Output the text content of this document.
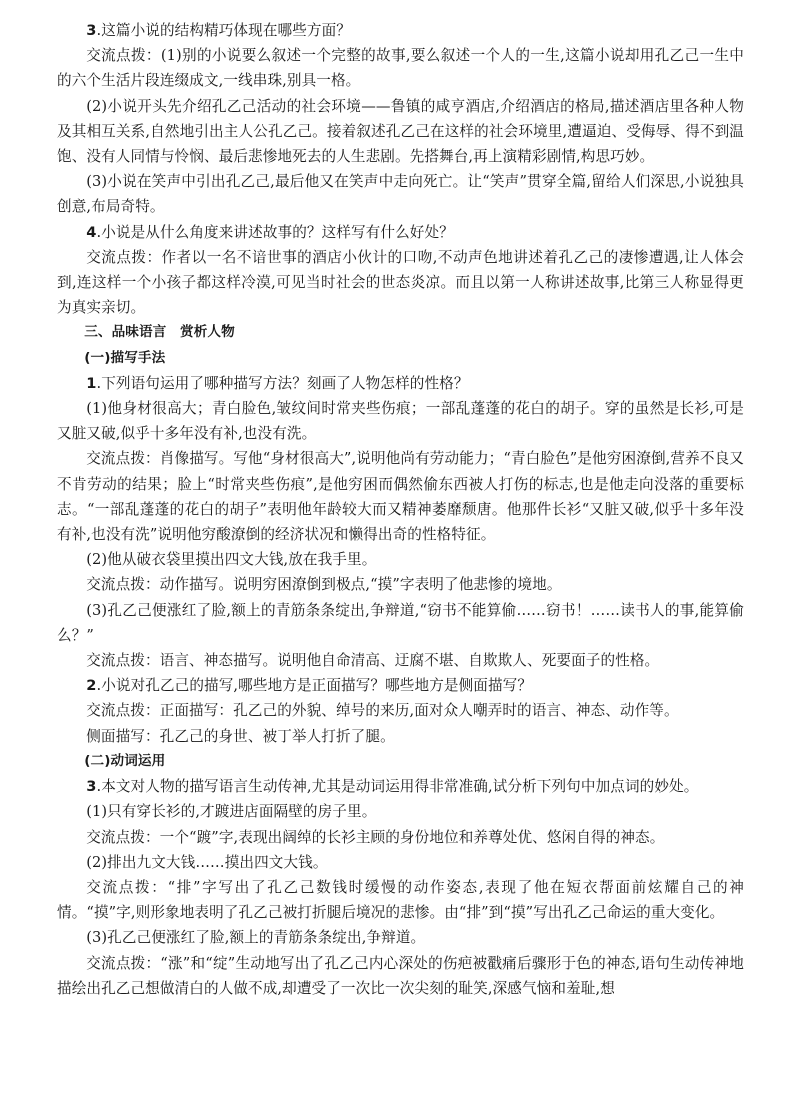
3.这篇小说的结构精巧体现在哪些方面？

交流点拨：(1)别的小说要么叙述一个完整的故事,要么叙述一个人的一生,这篇小说却用孔乙己一生中的六个生活片段连缀成文,一线串珠,别具一格。

(2)小说开头先介绍孔乙己活动的社会环境——鲁镇的咸亨酒店,介绍酒店的格局,描述酒店里各种人物及其相互关系,自然地引出主人公孔乙己。接着叙述孔乙己在这样的社会环境里,遭逼迫、受侮辱、得不到温饱、没有人同情与怜悯、最后悲惨地死去的人生悲剧。先搭舞台,再上演精彩剧情,构思巧妙。

(3)小说在笑声中引出孔乙己,最后他又在笑声中走向死亡。让“笑声”贯穿全篇,留给人们深思,小说独具创意,布局奇特。

4.小说是从什么角度来讲述故事的？这样写有什么好处？

交流点拨：作者以一名不谙世事的酒店小伙计的口吻,不动声色地讲述着孔乙己的凄惨遭遇,让人体会到,连这样一个小孩子都这样冷漠,可见当时社会的世态炎凉。而且以第一人称讲述故事,比第三人称显得更为真实亲切。

三、品味语言　赏析人物

(一)描写手法

1.下列语句运用了哪种描写方法？刻画了人物怎样的性格？

(1)他身材很高大；青白脸色,皱纹间时常夹些伤痕；一部乱蓬蓬的花白的胡子。穿的虽然是长衫,可是又脏又破,似乎十多年没有补,也没有洗。

交流点拨：肖像描写。写他“身材很高大”,说明他尚有劳动能力；“青白脸色”是他穷困潦倒,营养不良又不肯劳动的结果；脸上“时常夹些伤痕”,是他穷困而偶然偷东西被人打伤的标志,也是他走向没落的重要标志。“一部乱蓬蓬的花白的胡子”表明他年龄较大而又精神萎靡颓唐。他那件长衫“又脏又破,似乎十多年没有补,也没有洗”说明他穷酸潦倒的经济状况和懒得出奇的性格特征。

(2)他从破衣袋里摸出四文大钱,放在我手里。

交流点拨：动作描写。说明穷困潦倒到极点,“摸”字表明了他悲惨的境地。

(3)孔乙己便涨红了脸,额上的青筋条条绽出,争辩道,“窃书不能算偷……窃书！……读书人的事,能算偷么？”

交流点拨：语言、神态描写。说明他自命清高、迂腐不堪、自欺欺人、死要面子的性格。

2.小说对孔乙己的描写,哪些地方是正面描写？哪些地方是侧面描写？

交流点拨：正面描写：孔乙己的外貌、绰号的来历,面对众人嘲弄时的语言、神态、动作等。

侧面描写：孔乙己的身世、被丁举人打折了腿。

(二)动词运用

3.本文对人物的描写语言生动传神,尤其是动词运用得非常准确,试分析下列句中加点词的妙处。

(1)只有穿长衫的,才踱进店面隔壁的房子里。

交流点拨：一个“踱”字,表现出阔绰的长衫主顾的身份地位和养尊处优、悠闲自得的神态。

(2)排出九文大钱……摸出四文大钱。

交流点拨：“排”字写出了孔乙己数钱时缓慢的动作姿态,表现了他在短衣帮面前炫耀自己的神情。“摸”字,则形象地表明了孔乙己被打折腿后境况的悲惨。由“排”到“摸”写出孔乙己命运的重大变化。

(3)孔乙己便涨红了脸,额上的青筋条条绽出,争辩道。

交流点拨：“涨”和“绽”生动地写出了孔乙己内心深处的伤疤被戳痛后骤形于色的神态,语句生动传神地描绘出孔乙己想做清白的人做不成,却遭受了一次比一次尖刻的耻笑,深感气恼和羞耻,想
